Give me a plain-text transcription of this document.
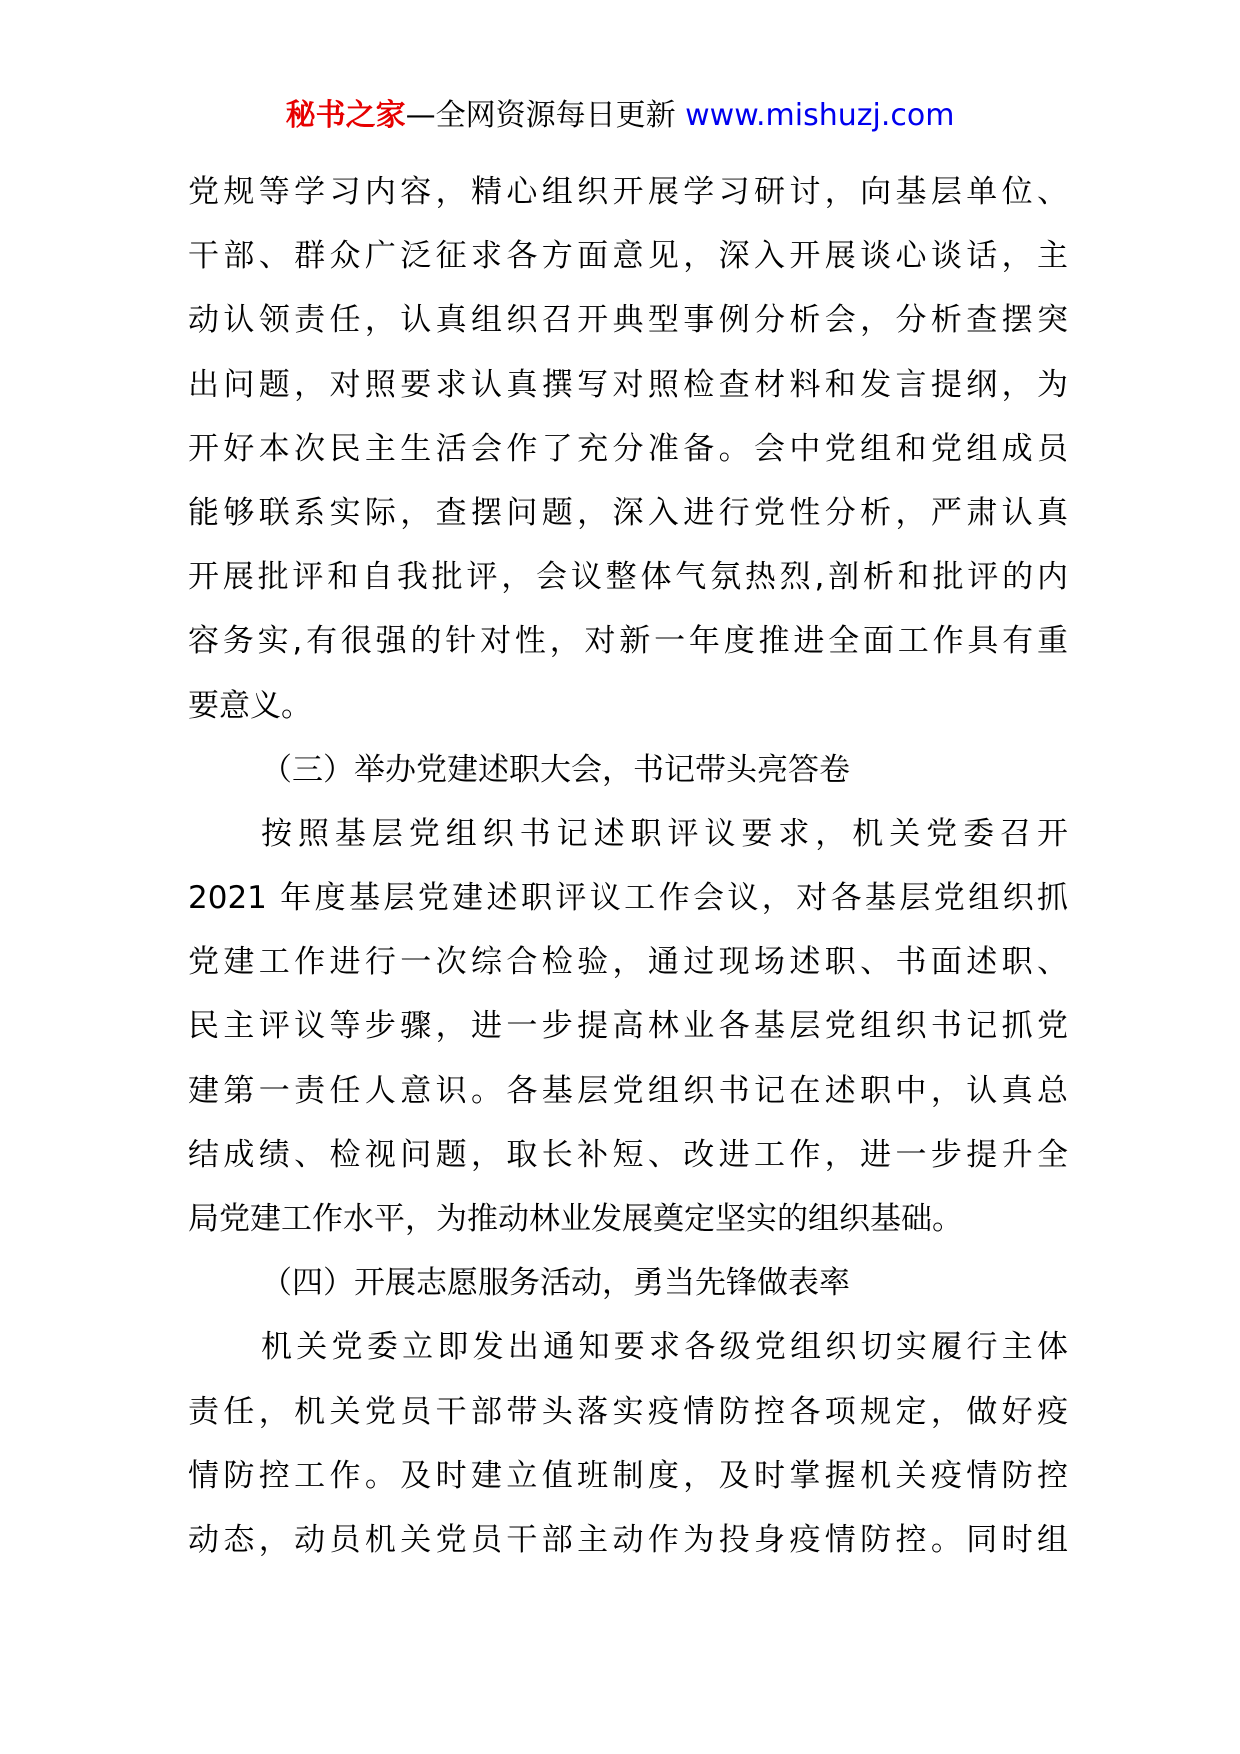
秘书之家—全网资源每日更新 www.mishuzj.com
党规等学习内容，精心组织开展学习研讨，向基层单位、
干部、群众广泛征求各方面意见，深入开展谈心谈话，主
动认领责任，认真组织召开典型事例分析会，分析查摆突
出问题，对照要求认真撰写对照检查材料和发言提纲，为
开好本次民主生活会作了充分准备。会中党组和党组成员
能够联系实际，查摆问题，深入进行党性分析，严肃认真
开展批评和自我批评，会议整体气氛热烈,剖析和批评的内
容务实,有很强的针对性，对新一年度推进全面工作具有重
要意义。
（三）举办党建述职大会，书记带头亮答卷
按照基层党组织书记述职评议要求，机关党委召开
2021 年度基层党建述职评议工作会议，对各基层党组织抓
党建工作进行一次综合检验，通过现场述职、书面述职、
民主评议等步骤，进一步提高林业各基层党组织书记抓党
建第一责任人意识。各基层党组织书记在述职中，认真总
结成绩、检视问题，取长补短、改进工作，进一步提升全
局党建工作水平，为推动林业发展奠定坚实的组织基础。
（四）开展志愿服务活动，勇当先锋做表率
机关党委立即发出通知要求各级党组织切实履行主体
责任，机关党员干部带头落实疫情防控各项规定，做好疫
情防控工作。及时建立值班制度，及时掌握机关疫情防控
动态，动员机关党员干部主动作为投身疫情防控。同时组
